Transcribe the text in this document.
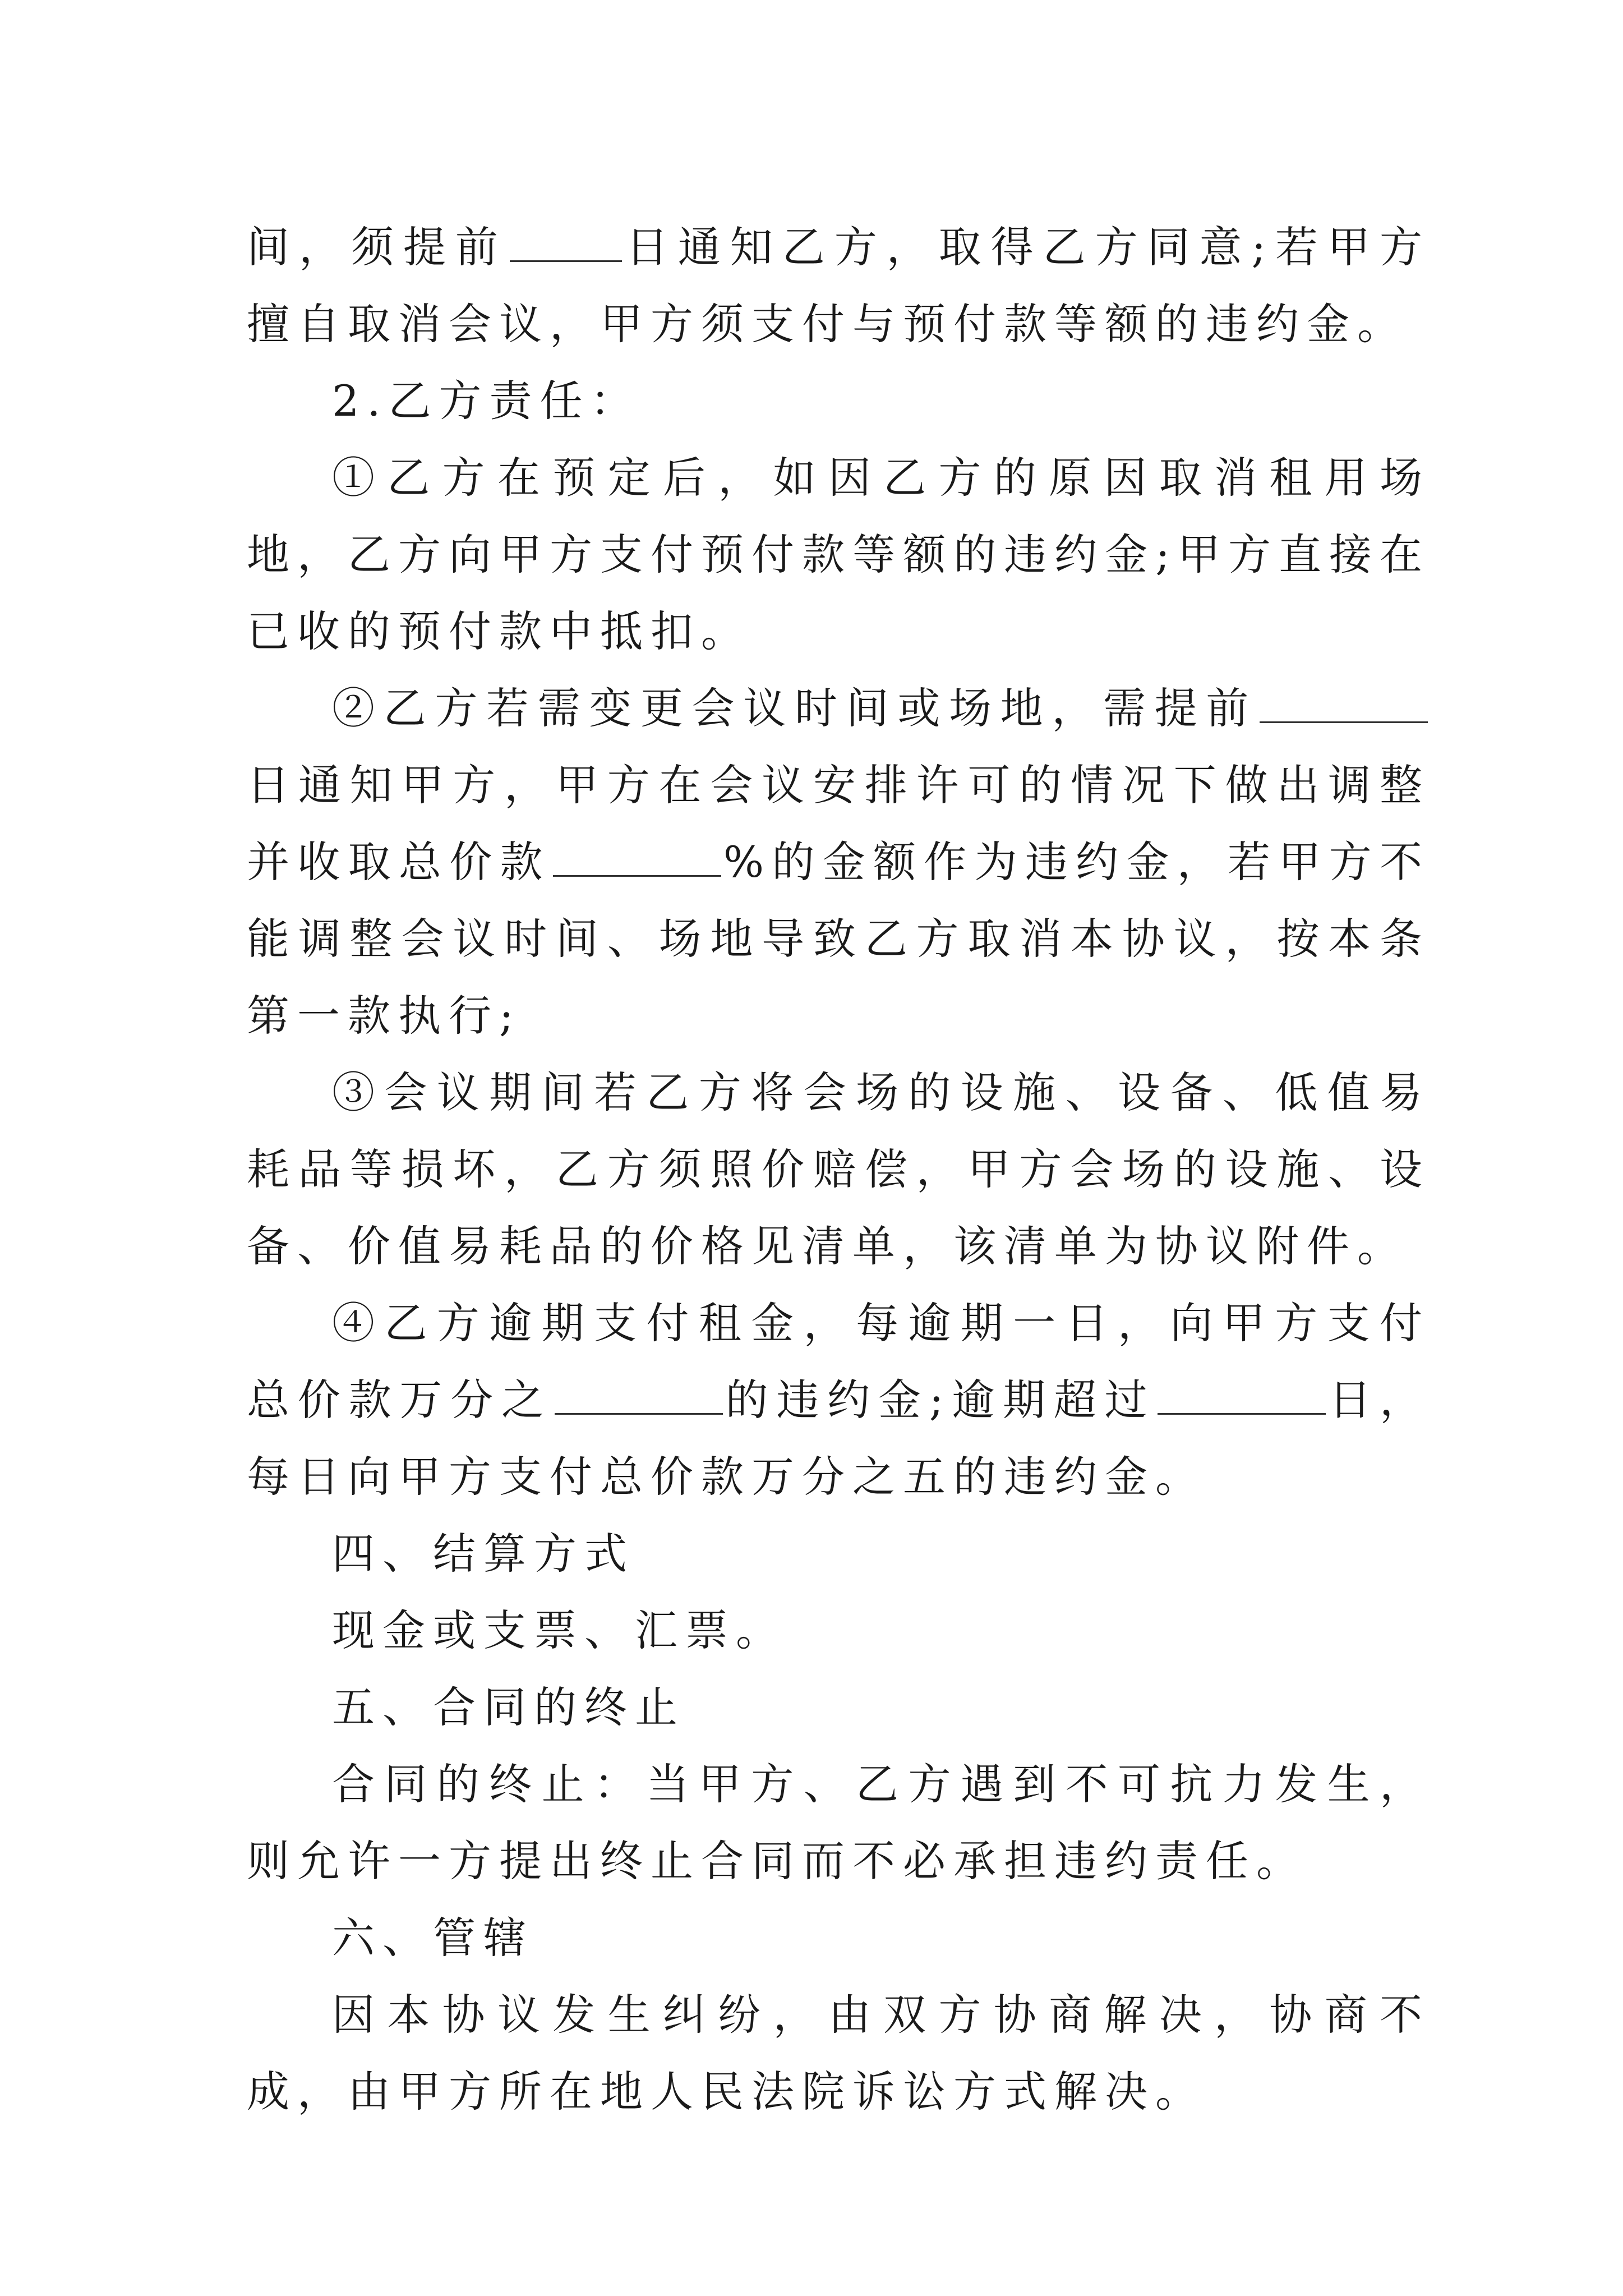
间，须提前	日通知乙方，取得乙方同意;若甲方擅自取消会议，甲方须支付与预付款等额的违约金。

2.乙方责任：

①乙方在预定后，如因乙方的原因取消租用场地，乙方向甲方支付预付款等额的违约金;甲方直接在已收的预付款中抵扣。

②乙方若需变更会议时间或场地，需提前日通知甲方，甲方在会议安排许可的情况下做出调整并收取总价款	%的金额作为违约金，若甲方不能调整会议时间、场地导致乙方取消本协议，按本条第一款执行;

③会议期间若乙方将会场的设施、设备、低值易耗品等损坏，乙方须照价赔偿，甲方会场的设施、设备、价值易耗品的价格见清单，该清单为协议附件。

④乙方逾期支付租金，每逾期一日，向甲方支付总价款万分之	的违约金;逾期超过	日，每日向甲方支付总价款万分之五的违约金。

四、结算方式

现金或支票、汇票。

五、合同的终止

合同的终止：当甲方、乙方遇到不可抗力发生，则允许一方提出终止合同而不必承担违约责任。

六、管辖

因本协议发生纠纷，由双方协商解决，协商不成，由甲方所在地人民法院诉讼方式解决。
